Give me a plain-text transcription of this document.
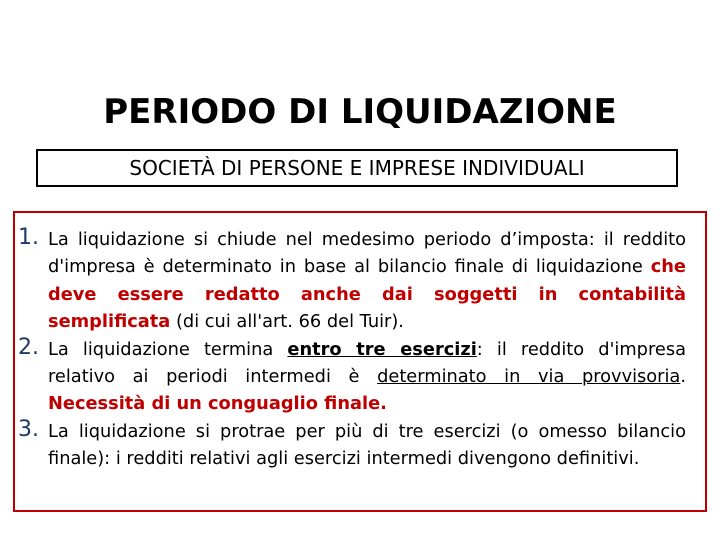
PERIODO DI LIQUIDAZIONE
SOCIETÀ DI PERSONE E IMPRESE INDIVIDUALI
1. La liquidazione si chiude nel medesimo periodo d’imposta: il reddito d'impresa è determinato in base al bilancio finale di liquidazione che deve essere redatto anche dai soggetti in contabilità semplificata (di cui all'art. 66 del Tuir).
2. La liquidazione termina entro tre esercizi: il reddito d'impresa relativo ai periodi intermedi è determinato in via provvisoria. Necessità di un conguaglio finale.
3. La liquidazione si protrae per più di tre esercizi (o omesso bilancio finale): i redditi relativi agli esercizi intermedi divengono definitivi.
